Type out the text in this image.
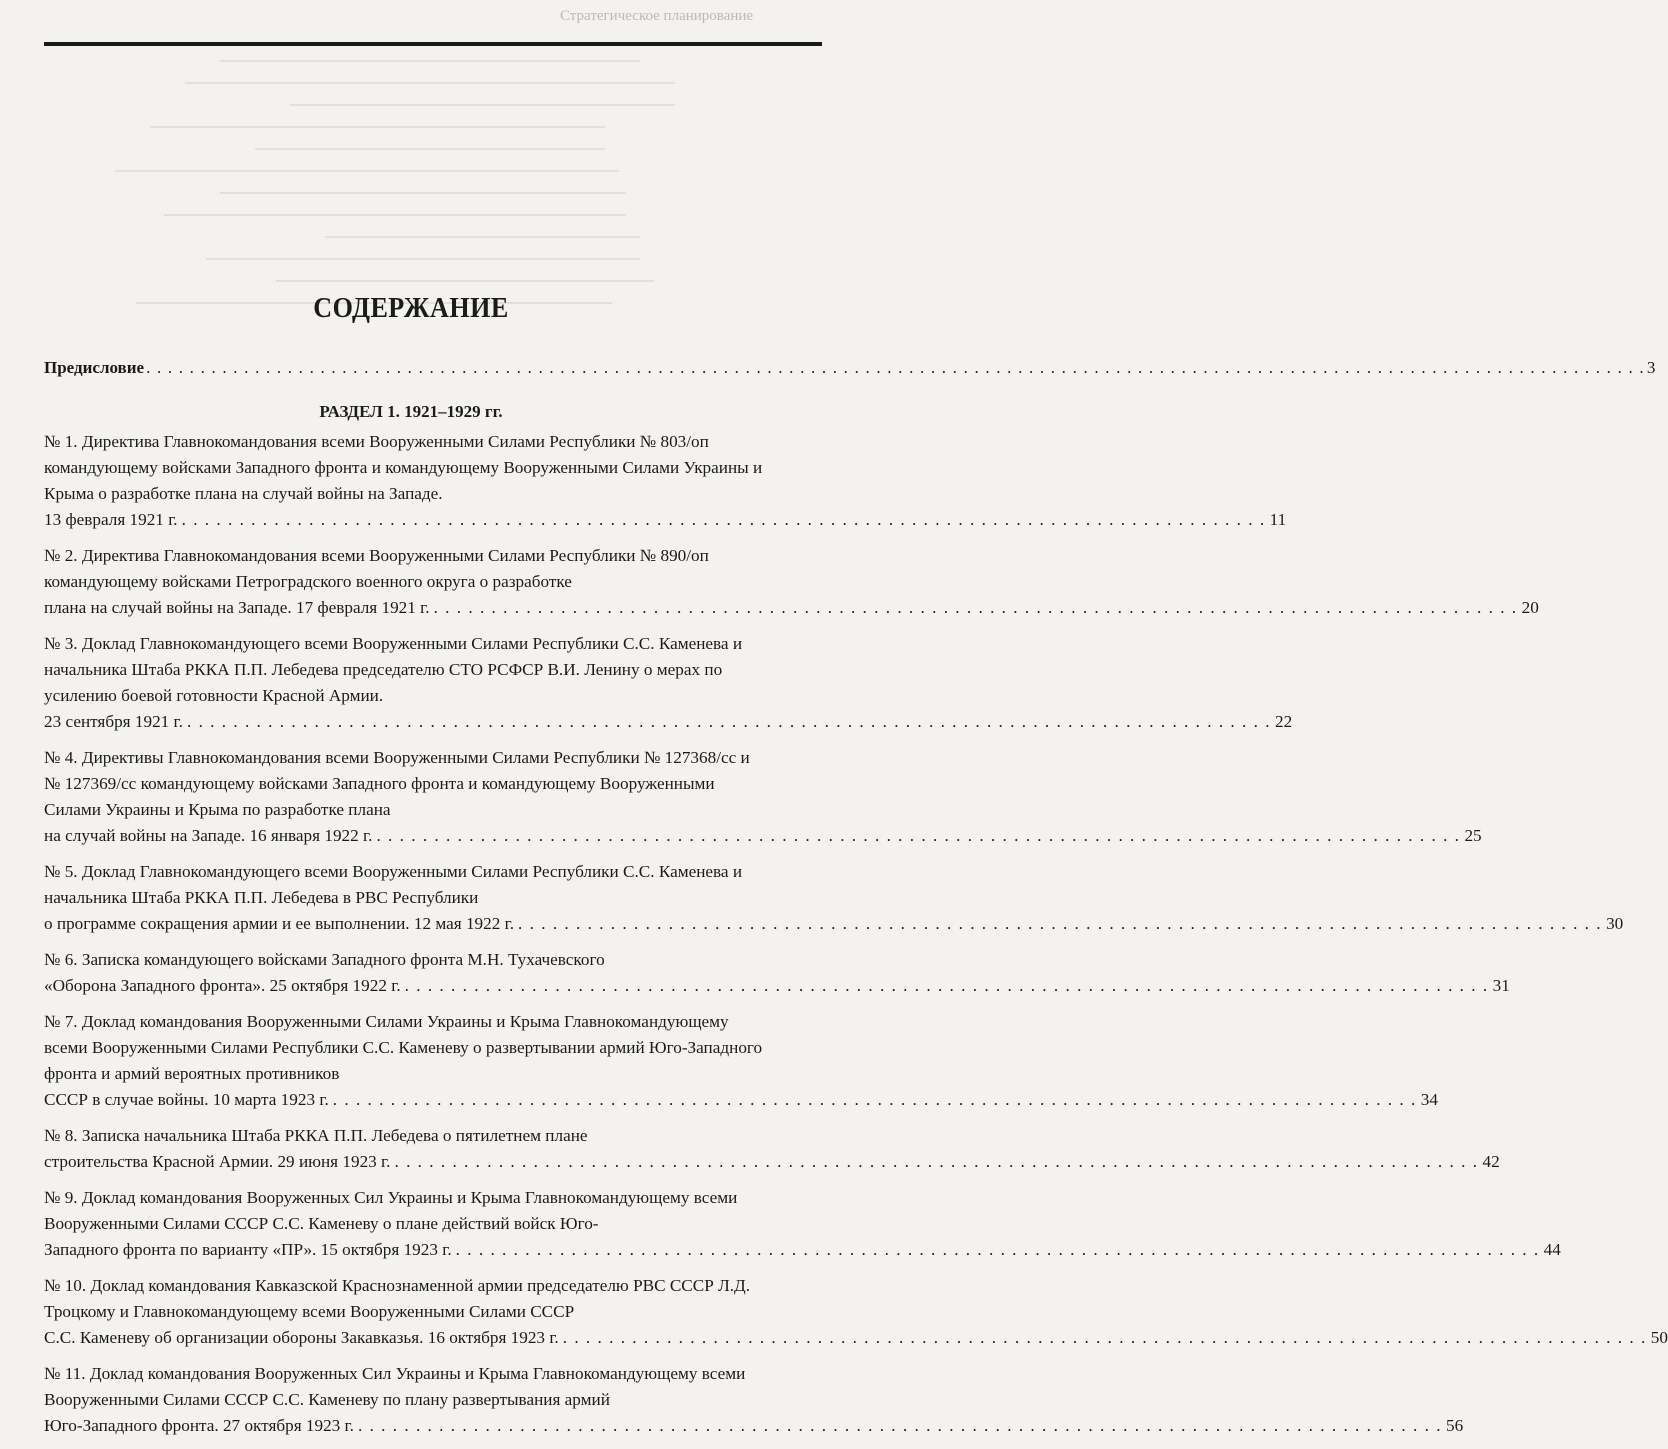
Стратегическое планирование
СОДЕРЖАНИЕ
Предисловие . . .	3
РАЗДЕЛ 1. 1921–1929 гг.
№ 1. Директива Главнокомандования всеми Вооруженными Силами Республики № 803/оп командующему войсками Западного фронта и командующему Вооруженными Силами Украины и Крыма о разработке плана на случай войны на Западе.
13 февраля 1921 г. . . .	11
№ 2. Директива Главнокомандования всеми Вооруженными Силами Республики № 890/оп командующему войсками Петроградского военного округа о разработке
плана на случай войны на Западе. 17 февраля 1921 г. . . .	20
№ 3. Доклад Главнокомандующего всеми Вооруженными Силами Республики С.С. Каменева и начальника Штаба РККА П.П. Лебедева председателю СТО РСФСР В.И. Ленину о мерах по усилению боевой готовности Красной Армии.
23 сентября 1921 г. . . .	22
№ 4. Директивы Главнокомандования всеми Вооруженными Силами Республики № 127368/сс и № 127369/сс командующему войсками Западного фронта и командующему Вооруженными Силами Украины и Крыма по разработке плана
на случай войны на Западе. 16 января 1922 г. . . .	25
№ 5. Доклад Главнокомандующего всеми Вооруженными Силами Республики С.С. Каменева и начальника Штаба РККА П.П. Лебедева в РВС Республики
о программе сокращения армии и ее выполнении. 12 мая 1922 г. . . .	30
№ 6. Записка командующего войсками Западного фронта М.Н. Тухачевского
«Оборона Западного фронта». 25 октября 1922 г. . . .	31
№ 7. Доклад командования Вооруженными Силами Украины и Крыма Главнокомандующему всеми Вооруженными Силами Республики С.С. Каменеву о развертывании армий Юго-Западного фронта и армий вероятных противников
СССР в случае войны. 10 марта 1923 г. . . .	34
№ 8. Записка начальника Штаба РККА П.П. Лебедева о пятилетнем плане
строительства Красной Армии. 29 июня 1923 г. . . .	42
№ 9. Доклад командования Вооруженных Сил Украины и Крыма Главнокомандующему всеми Вооруженными Силами СССР С.С. Каменеву о плане действий войск Юго-
Западного фронта по варианту «ПР». 15 октября 1923 г. . . .	44
№ 10. Доклад командования Кавказской Краснознаменной армии председателю РВС СССР Л.Д. Троцкому и Главнокомандующему всеми Вооруженными Силами СССР
С.С. Каменеву об организации обороны Закавказья. 16 октября 1923 г. . . .	50
№ 11. Доклад командования Вооруженных Сил Украины и Крыма Главнокомандующему всеми Вооруженными Силами СССР С.С. Каменеву по плану развертывания армий
Юго-Западного фронта. 27 октября 1923 г. . . .	56
